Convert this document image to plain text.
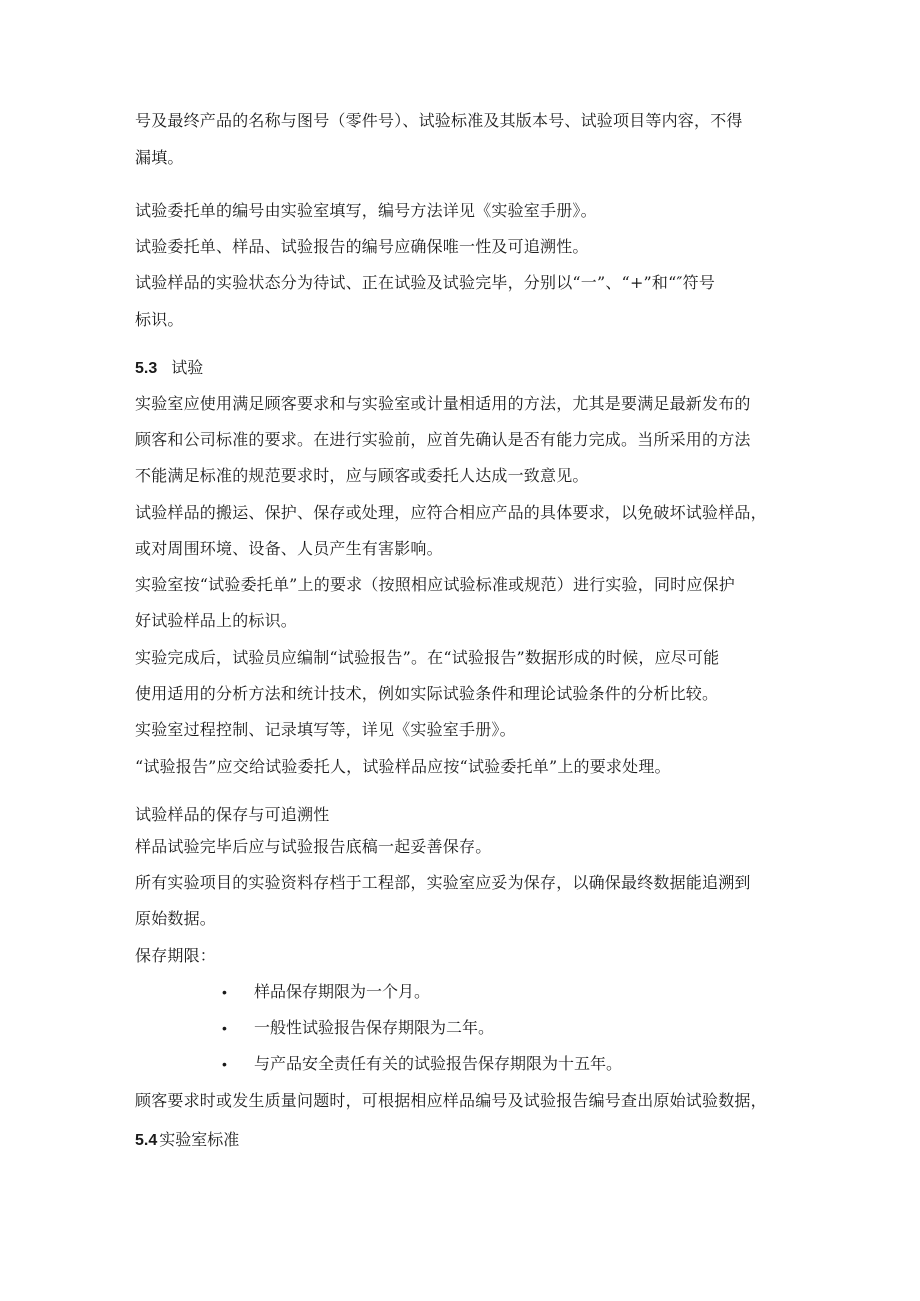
号及最终产品的名称与图号（零件号）、试验标准及其版本号、试验项目等内容，不得
漏填。
试验委托单的编号由实验室填写，编号方法详见《实验室手册》。
试验委托单、样品、试验报告的编号应确保唯一性及可追溯性。
试验样品的实验状态分为待试、正在试验及试验完毕，分别以“一”、“+”和“″符号
标识。
5.3 试验
实验室应使用满足顾客要求和与实验室或计量相适用的方法，尤其是要满足最新发布的
顾客和公司标准的要求。在进行实验前，应首先确认是否有能力完成。当所采用的方法
不能满足标准的规范要求时，应与顾客或委托人达成一致意见。
试验样品的搬运、保护、保存或处理，应符合相应产品的具体要求，以免破坏试验样品，
或对周围环境、设备、人员产生有害影响。
实验室按“试验委托单”上的要求（按照相应试验标准或规范）进行实验，同时应保护
好试验样品上的标识。
实验完成后，试验员应编制“试验报告”。在“试验报告”数据形成的时候，应尽可能
使用适用的分析方法和统计技术，例如实际试验条件和理论试验条件的分析比较。
实验室过程控制、记录填写等，详见《实验室手册》。
“试验报告”应交给试验委托人，试验样品应按“试验委托单”上的要求处理。
试验样品的保存与可追溯性
样品试验完毕后应与试验报告底稿一起妥善保存。
所有实验项目的实验资料存档于工程部，实验室应妥为保存，以确保最终数据能追溯到
原始数据。
保存期限：
• 样品保存期限为一个月。
• 一般性试验报告保存期限为二年。
• 与产品安全责任有关的试验报告保存期限为十五年。
顾客要求时或发生质量问题时，可根据相应样品编号及试验报告编号查出原始试验数据，
5.4 实验室标准
